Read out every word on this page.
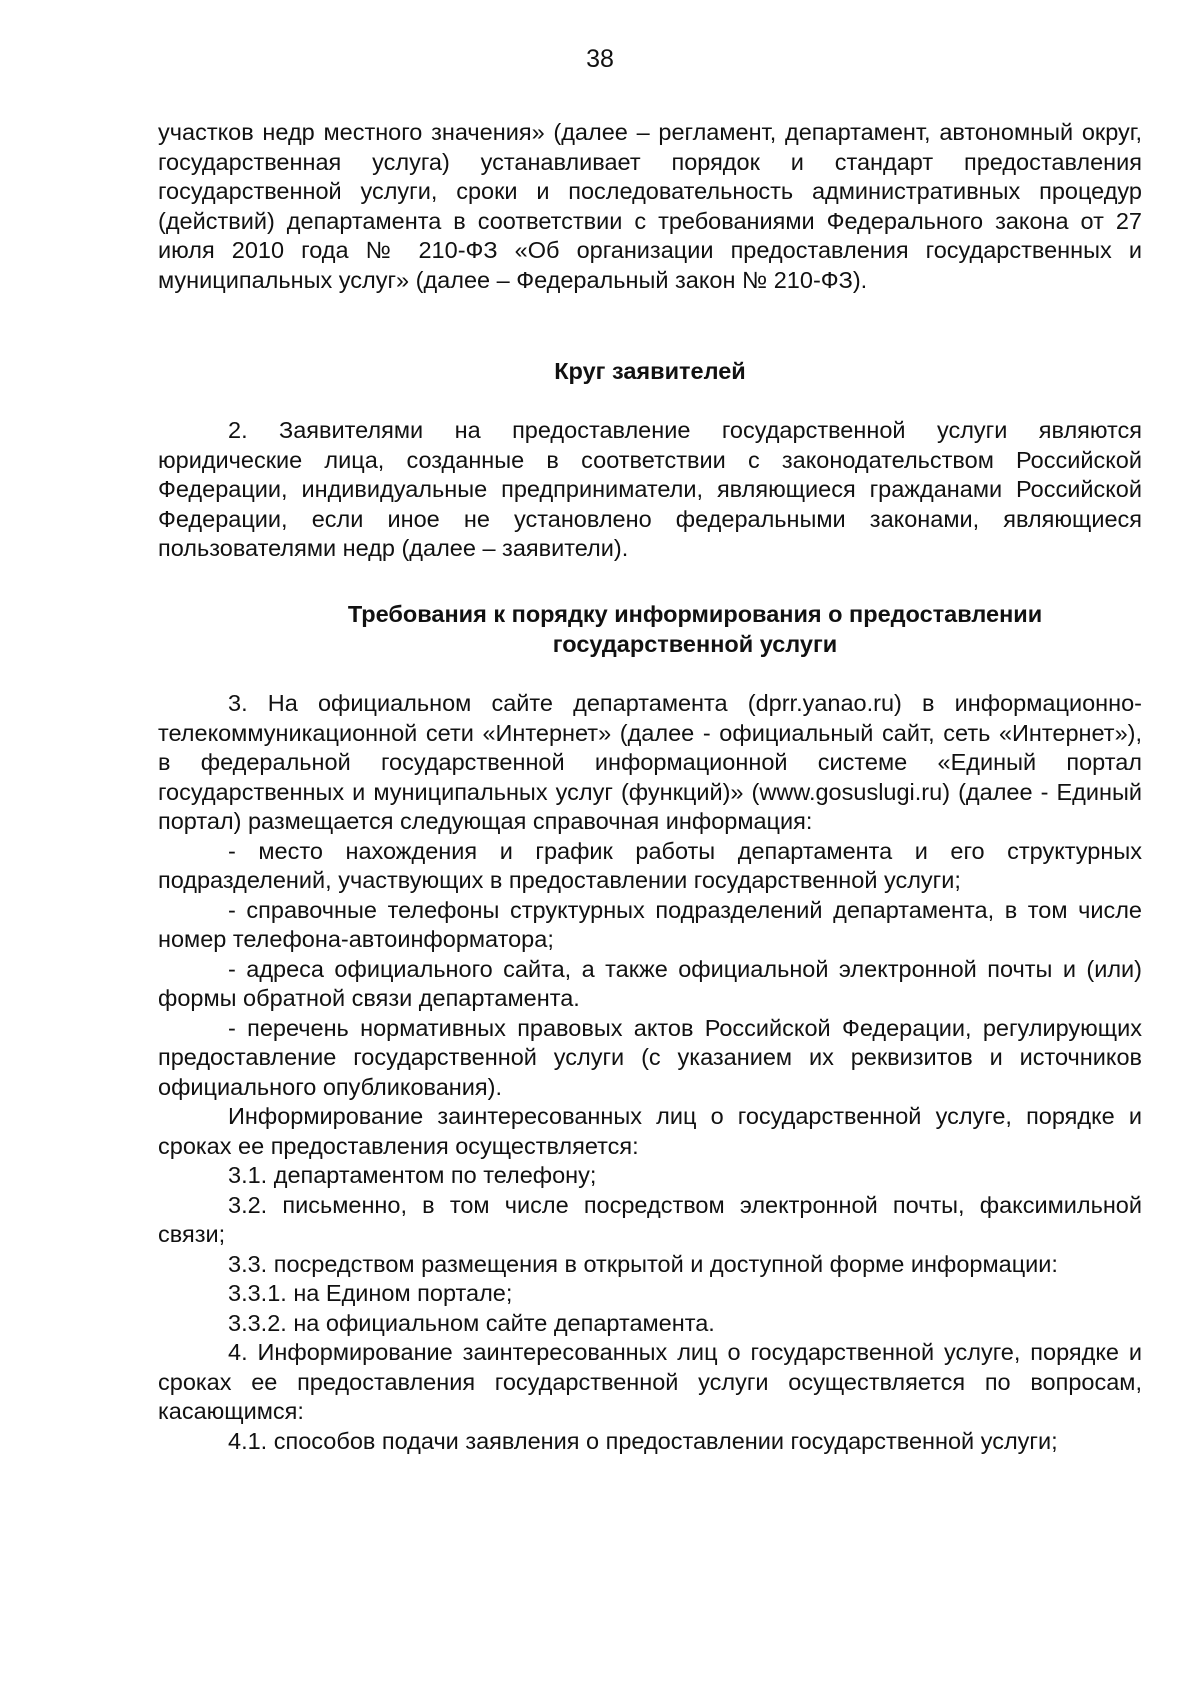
38

участков недр местного значения» (далее – регламент, департамент, автономный округ, государственная услуга) устанавливает порядок и стандарт предоставления государственной услуги, сроки и последовательность административных процедур (действий) департамента в соответствии с требованиями Федерального закона от 27 июля 2010 года № 210-ФЗ «Об организации предоставления государственных и муниципальных услуг» (далее – Федеральный закон № 210-ФЗ).

Круг заявителей

2. Заявителями на предоставление государственной услуги являются юридические лица, созданные в соответствии с законодательством Российской Федерации, индивидуальные предприниматели, являющиеся гражданами Российской Федерации, если иное не установлено федеральными законами, являющиеся пользователями недр (далее – заявители).

Требования к порядку информирования о предоставлении государственной услуги

3. На официальном сайте департамента (dprr.yanao.ru) в информационно-телекоммуникационной сети «Интернет» (далее - официальный сайт, сеть «Интернет»), в федеральной государственной информационной системе «Единый портал государственных и муниципальных услуг (функций)» (www.gosuslugi.ru) (далее - Единый портал) размещается следующая справочная информация:

- место нахождения и график работы департамента и его структурных подразделений, участвующих в предоставлении государственной услуги;

- справочные телефоны структурных подразделений департамента, в том числе номер телефона-автоинформатора;

- адреса официального сайта, а также официальной электронной почты и (или) формы обратной связи департамента.

- перечень нормативных правовых актов Российской Федерации, регулирующих предоставление государственной услуги (с указанием их реквизитов и источников официального опубликования).

Информирование заинтересованных лиц о государственной услуге, порядке и сроках ее предоставления осуществляется:

3.1. департаментом по телефону;

3.2. письменно, в том числе посредством электронной почты, факсимильной связи;

3.3. посредством размещения в открытой и доступной форме информации:

3.3.1. на Едином портале;

3.3.2. на официальном сайте департамента.

4. Информирование заинтересованных лиц о государственной услуге, порядке и сроках ее предоставления государственной услуги осуществляется по вопросам, касающимся:

4.1. способов подачи заявления о предоставлении государственной услуги;
